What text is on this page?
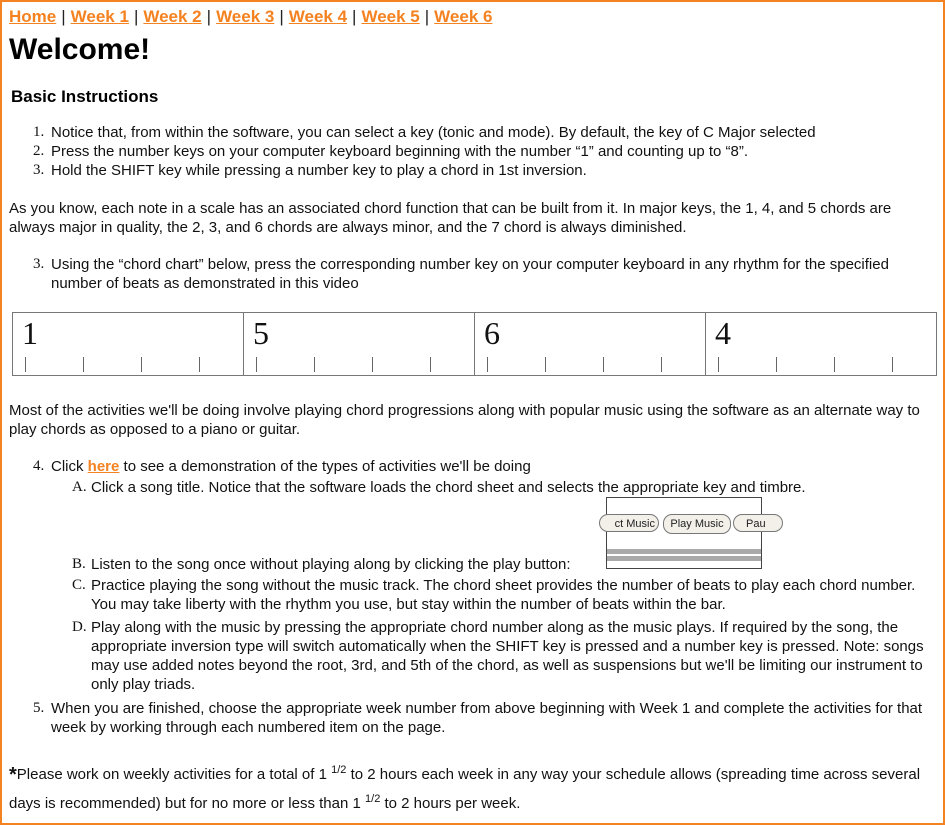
Home | Week 1 | Week 2 | Week 3 | Week 4 | Week 5 | Week 6
Welcome!
Basic Instructions
1. Notice that, from within the software, you can select a key (tonic and mode). By default, the key of C Major selected
2. Press the number keys on your computer keyboard beginning with the number “1” and counting up to “8”.
3. Hold the SHIFT key while pressing a number key to play a chord in 1st inversion.
As you know, each note in a scale has an associated chord function that can be built from it. In major keys, the 1, 4, and 5 chords are always major in quality, the 2, 3, and 6 chords are always minor, and the 7 chord is always diminished.
3. Using the “chord chart” below, press the corresponding number key on your computer keyboard in any rhythm for the specified number of beats as demonstrated in this video
1	5	6	4
Most of the activities we'll be doing involve playing chord progressions along with popular music using the software as an alternate way to play chords as opposed to a piano or guitar.
4. Click here to see a demonstration of the types of activities we'll be doing
A. Click a song title. Notice that the software loads the chord sheet and selects the appropriate key and timbre.
B. Listen to the song once without playing along by clicking the play button:
C. Practice playing the song without the music track. The chord sheet provides the number of beats to play each chord number. You may take liberty with the rhythm you use, but stay within the number of beats within the bar.
D. Play along with the music by pressing the appropriate chord number along as the music plays. If required by the song, the appropriate inversion type will switch automatically when the SHIFT key is pressed and a number key is pressed. Note: songs may use added notes beyond the root, 3rd, and 5th of the chord, as well as suspensions but we'll be limiting our instrument to only play triads.
5. When you are finished, choose the appropriate week number from above beginning with Week 1 and complete the activities for that week by working through each numbered item on the page.
*Please work on weekly activities for a total of 1 $^{1/2}$ to 2 hours each week in any way your schedule allows (spreading time across several days is recommended) but for no more or less than 1 $^{1/2}$ to 2 hours per week.
ct Music	Play Music	Pau
